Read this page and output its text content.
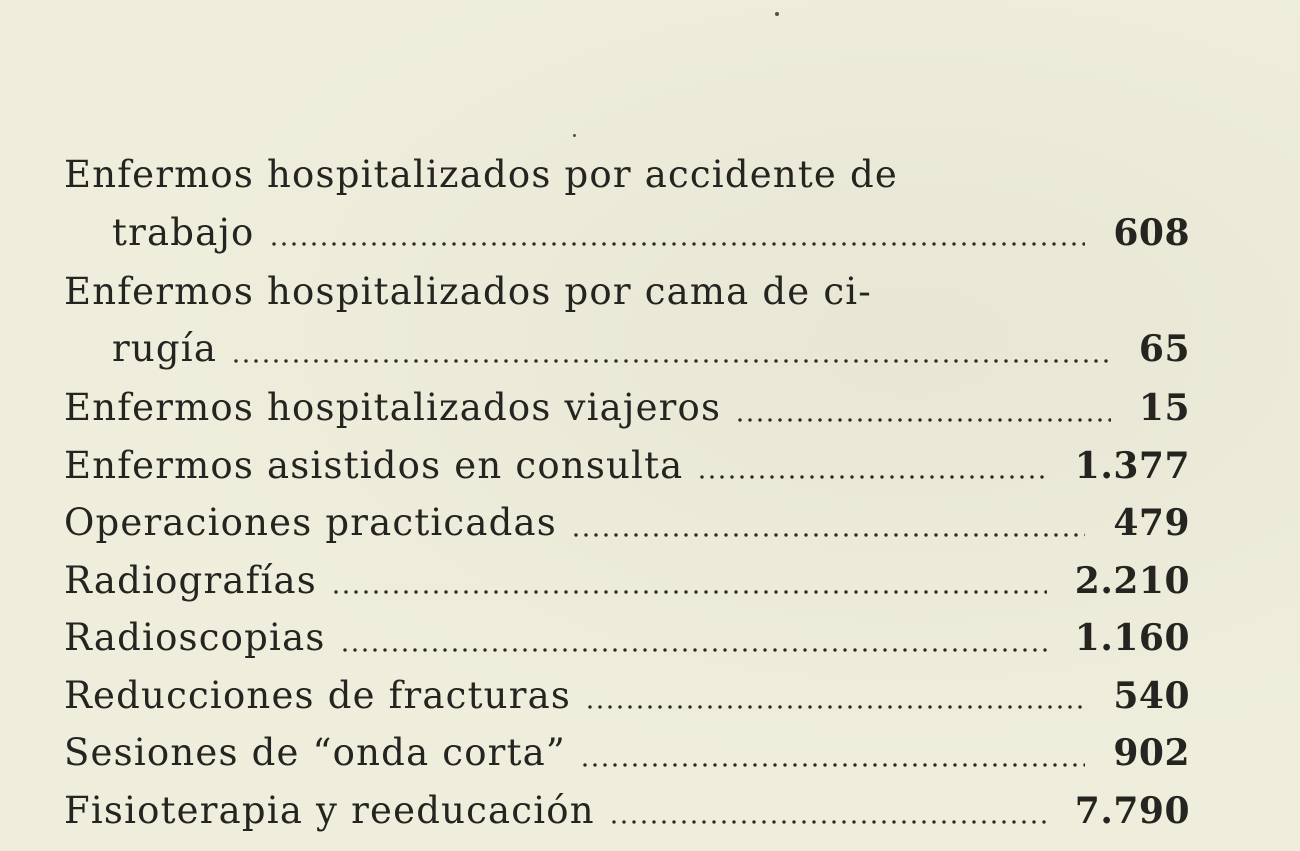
Enfermos hospitalizados por accidente de
trabajo	608
Enfermos hospitalizados por cama de ci-
rugía	65
Enfermos hospitalizados viajeros	15
Enfermos asistidos en consulta	1.377
Operaciones practicadas	479
Radiografías	2.210
Radioscopias	1.160
Reducciones de fracturas	540
Sesiones de “onda corta”	902
Fisioterapia y reeducación	7.790
